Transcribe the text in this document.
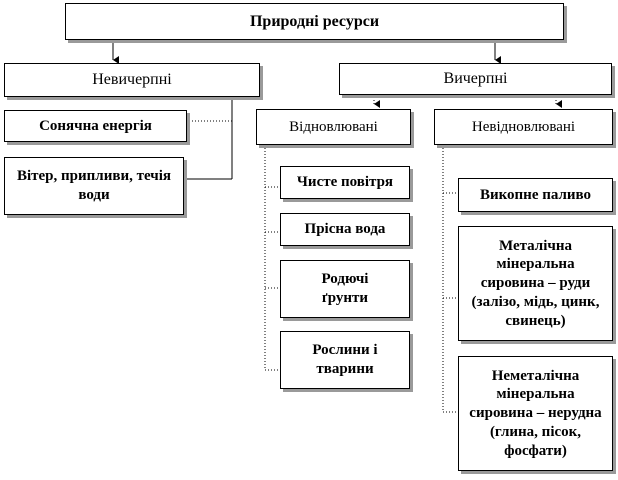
Природні ресурси
Невичерпні	Вичерпні
Сонячна енергія
Вітер, припливи, течія води
Відновлювані	Невідновлювані
Чисте повітря
Прісна вода
Родючі ґрунти
Рослини і тварини
Викопне паливо
Металічна мінеральна сировина – руди (залізо, мідь, цинк, свинець)
Неметалічна мінеральна сировина – нерудна (глина, пісок, фосфати)
